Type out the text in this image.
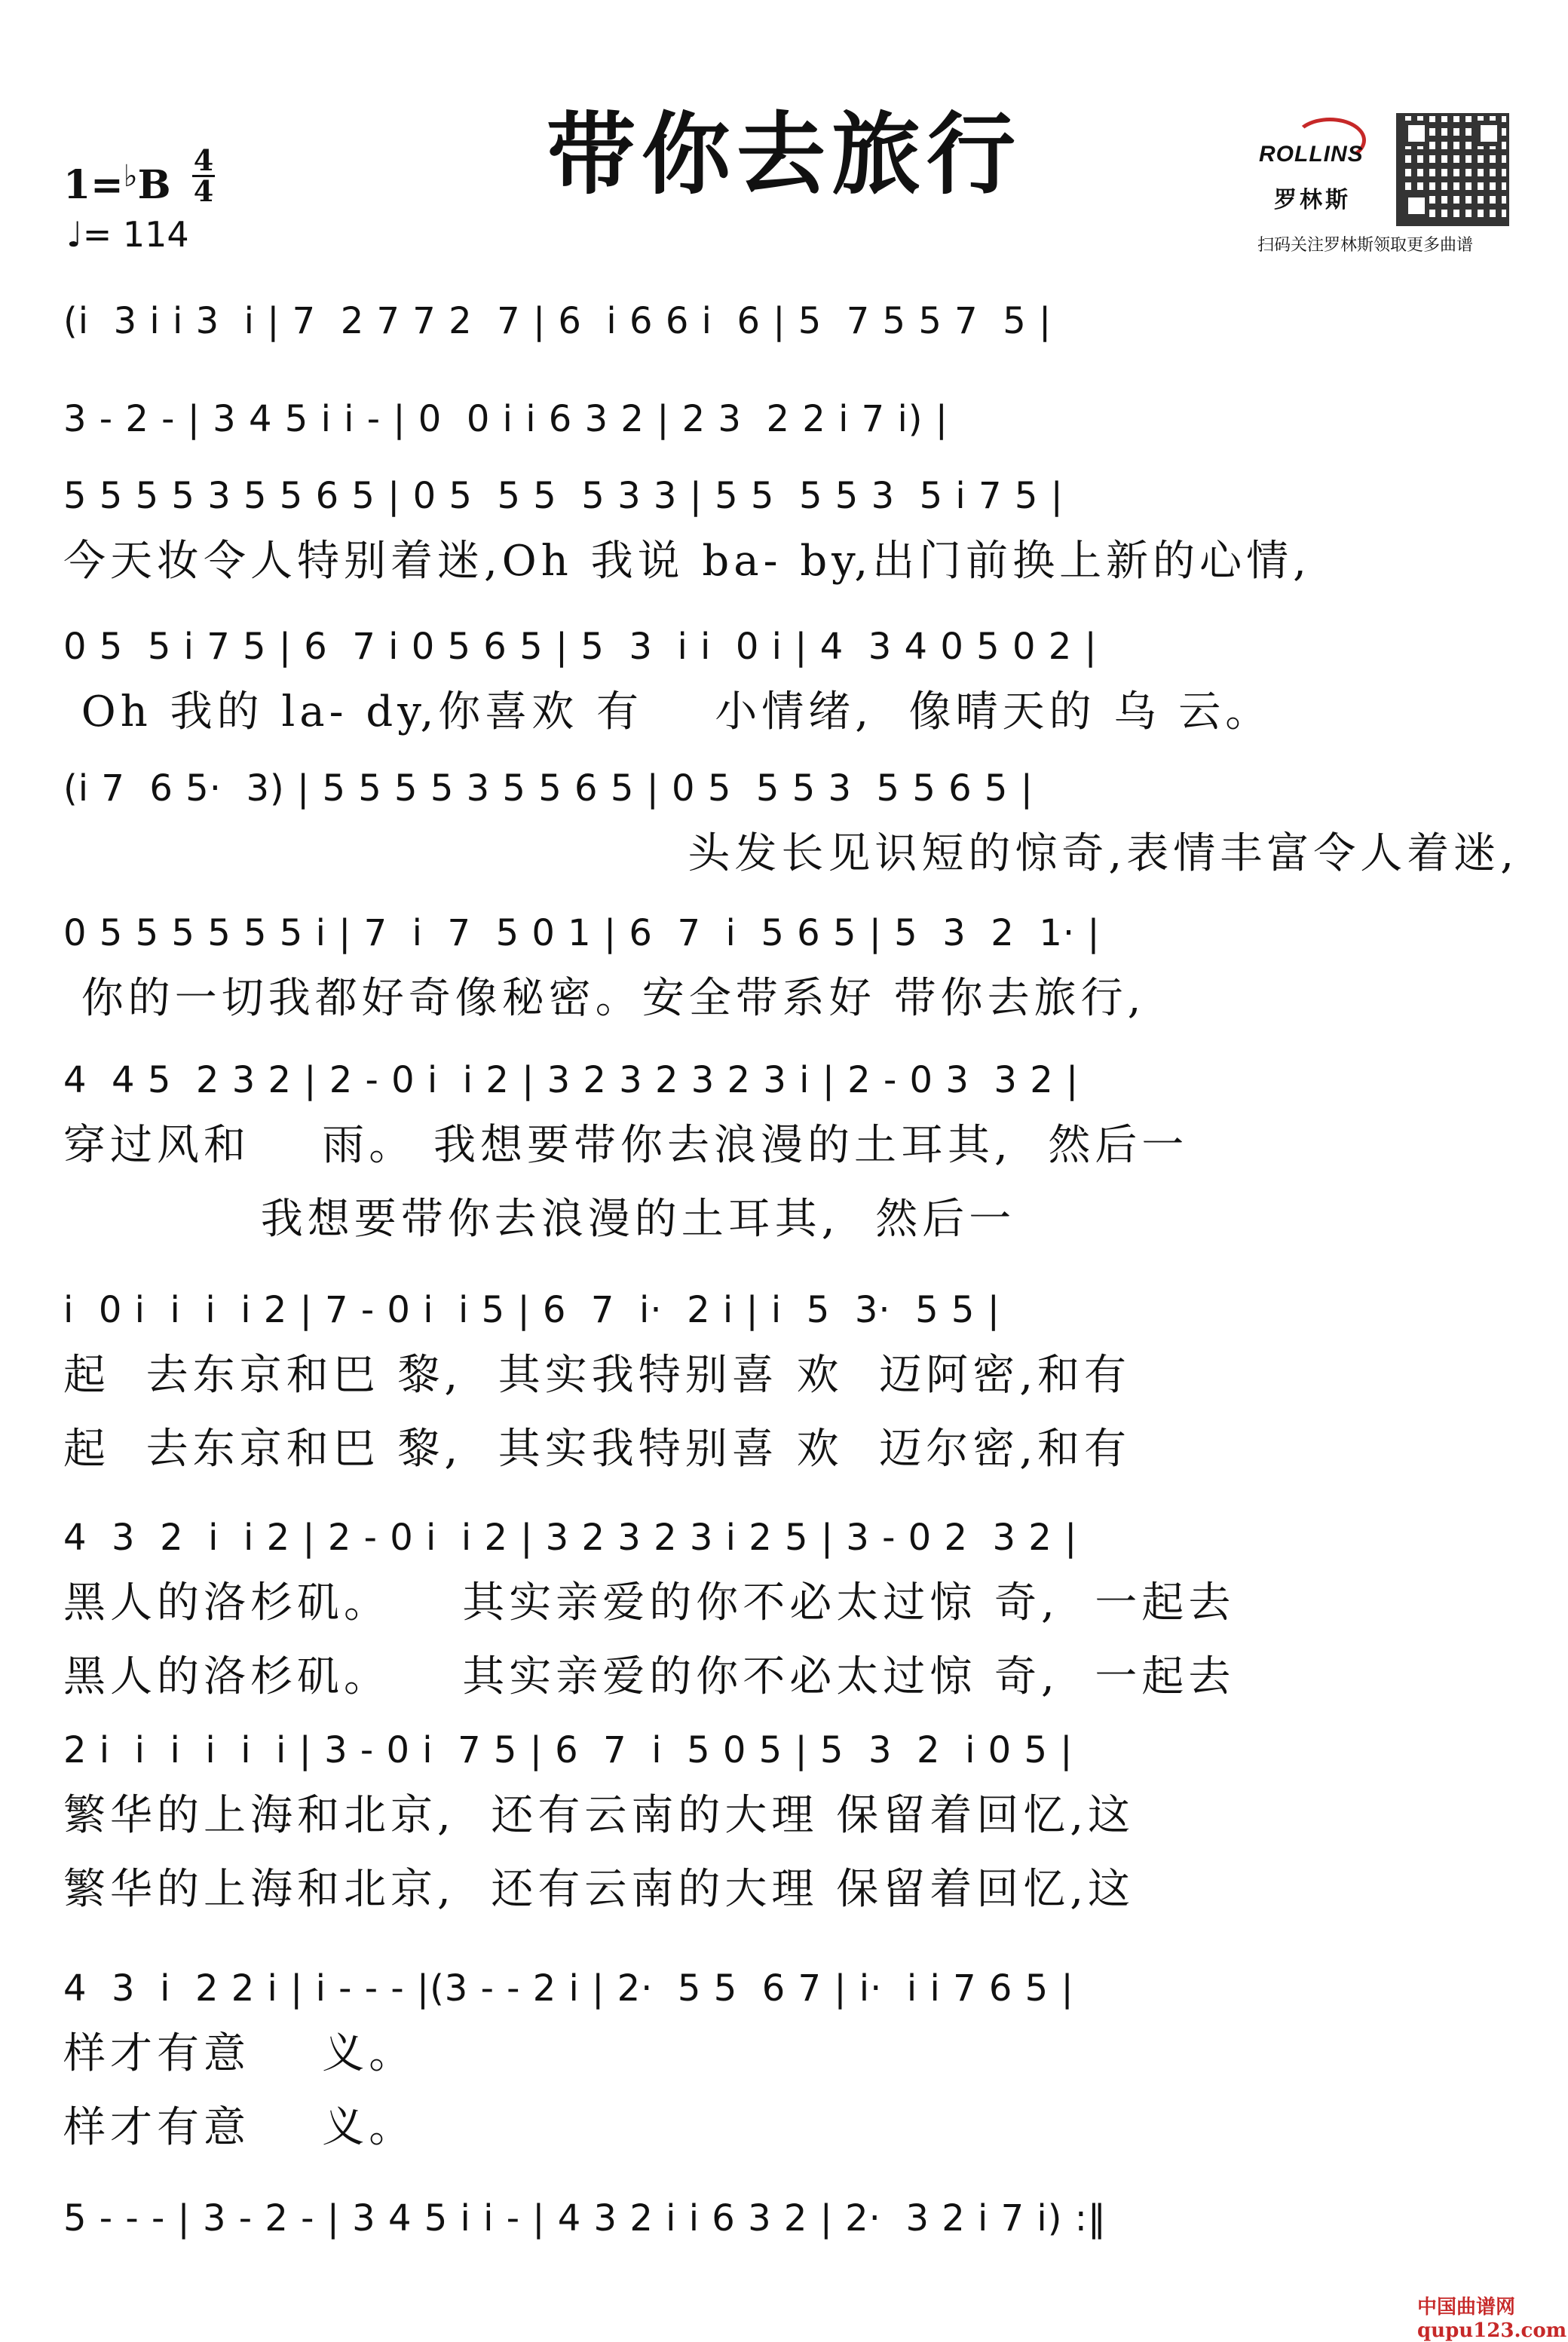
带你去旅行
1=♭B
4
4
♩= 114
ROLLINS
罗林斯
扫码关注罗林斯领取更多曲谱
(i  3 i i 3  i | 7  2 7 7 2  7 | 6  i 6 6 i  6 | 5  7 5 5 7  5 |
3 - 2 - | 3 4 5 i i - | 0  0 i i 6 3 2 | 2 3  2 2 i 7 i) |
5 5 5 5 3 5 5 6 5 | 0 5  5 5  5 3 3 | 5 5  5 5 3  5 i 7 5 |
今天妆令人特别着迷,Oh 我说 ba- by,出门前换上新的心情,
0 5  5 i 7 5 | 6  7 i 0 5 6 5 | 5  3  i i  0 i | 4  3 4 0 5 0 2 |
Oh 我的 la- dy,你喜欢 有    小情绪,  像晴天的 乌 云。
(i 7  6 5·  3) | 5 5 5 5 3 5 5 6 5 | 0 5  5 5 3  5 5 6 5 |
头发长见识短的惊奇,表情丰富令人着迷,
0 5 5 5 5 5 5 i | 7  i  7  5 0 1 | 6  7  i  5 6 5 | 5  3  2  1· |
你的一切我都好奇像秘密。安全带系好 带你去旅行,
4  4 5  2 3 2 | 2 - 0 i  i 2 | 3 2 3 2 3 2 3 i | 2 - 0 3  3 2 |
穿过风和    雨。 我想要带你去浪漫的土耳其,  然后一
我想要带你去浪漫的土耳其,  然后一
i  0 i  i  i  i 2 | 7 - 0 i  i 5 | 6  7  i·  2 i | i  5  3·  5 5 |
起  去东京和巴 黎,  其实我特别喜 欢  迈阿密,和有
起  去东京和巴 黎,  其实我特别喜 欢  迈尔密,和有
4  3  2  i  i 2 | 2 - 0 i  i 2 | 3 2 3 2 3 i 2 5 | 3 - 0 2  3 2 |
黑人的洛杉矶。    其实亲爱的你不必太过惊 奇,  一起去
黑人的洛杉矶。    其实亲爱的你不必太过惊 奇,  一起去
2 i  i  i  i  i  i | 3 - 0 i  7 5 | 6  7  i  5 0 5 | 5  3  2  i 0 5 |
繁华的上海和北京,  还有云南的大理 保留着回忆,这
繁华的上海和北京,  还有云南的大理 保留着回忆,这
4  3  i  2 2 i | i - - - |(3 - - 2 i | 2·  5 5  6 7 | i·  i i 7 6 5 |
样才有意    义。
样才有意    义。
5 - - - | 3 - 2 - | 3 4 5 i i - | 4 3 2 i i 6 3 2 | 2·  3 2 i 7 i) :‖
中国曲谱网 qupu123.com
